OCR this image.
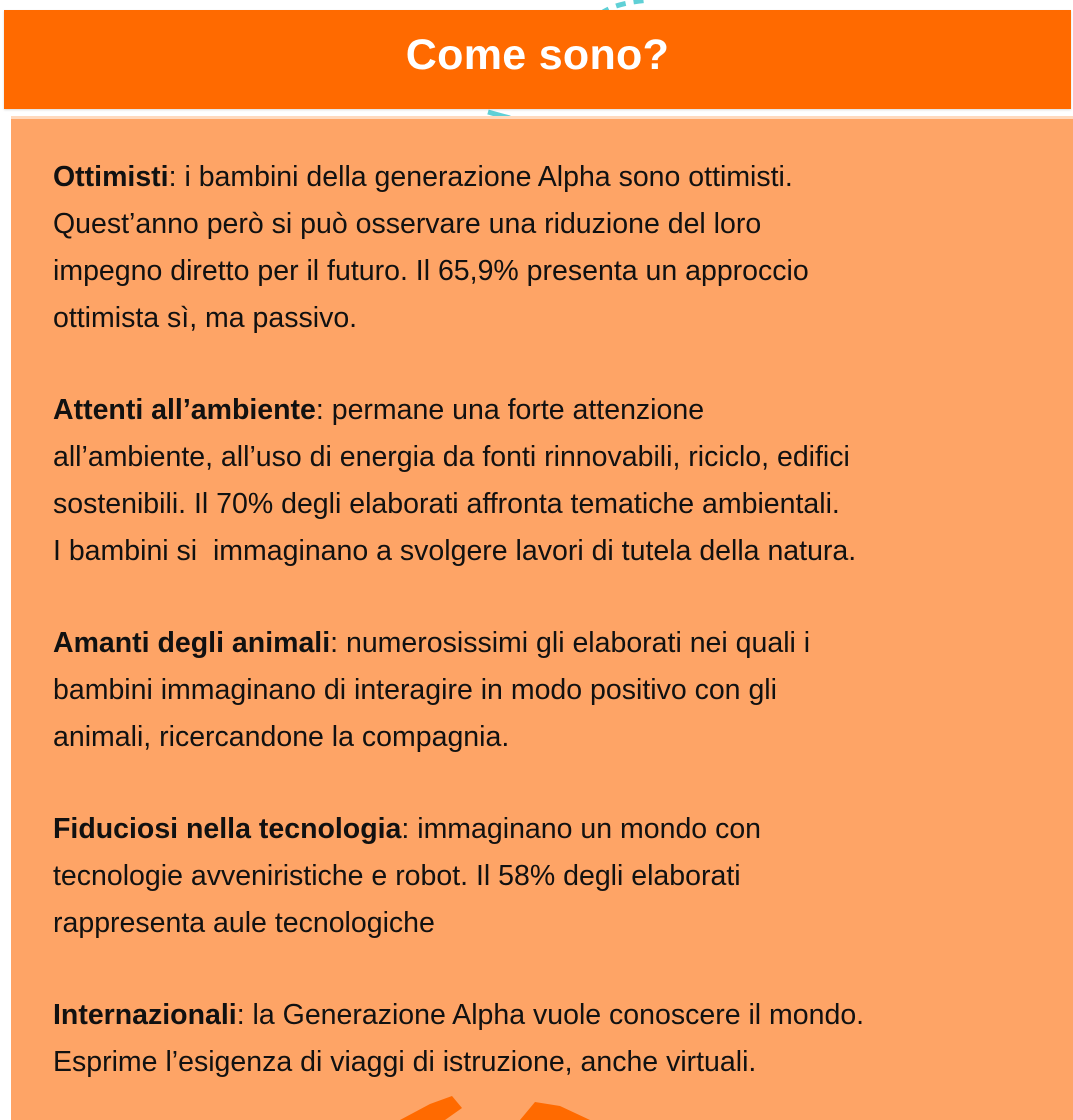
Come sono?

Ottimisti: i bambini della generazione Alpha sono ottimisti.
Quest’anno però si può osservare una riduzione del loro
impegno diretto per il futuro. Il 65,9% presenta un approccio
ottimista sì, ma passivo.

Attenti all’ambiente: permane una forte attenzione
all’ambiente, all’uso di energia da fonti rinnovabili, riciclo, edifici
sostenibili. Il 70% degli elaborati affronta tematiche ambientali.
I bambini si  immaginano a svolgere lavori di tutela della natura.

Amanti degli animali: numerosissimi gli elaborati nei quali i
bambini immaginano di interagire in modo positivo con gli
animali, ricercandone la compagnia.

Fiduciosi nella tecnologia: immaginano un mondo con
tecnologie avveniristiche e robot. Il 58% degli elaborati
rappresenta aule tecnologiche

Internazionali: la Generazione Alpha vuole conoscere il mondo.
Esprime l’esigenza di viaggi di istruzione, anche virtuali.
